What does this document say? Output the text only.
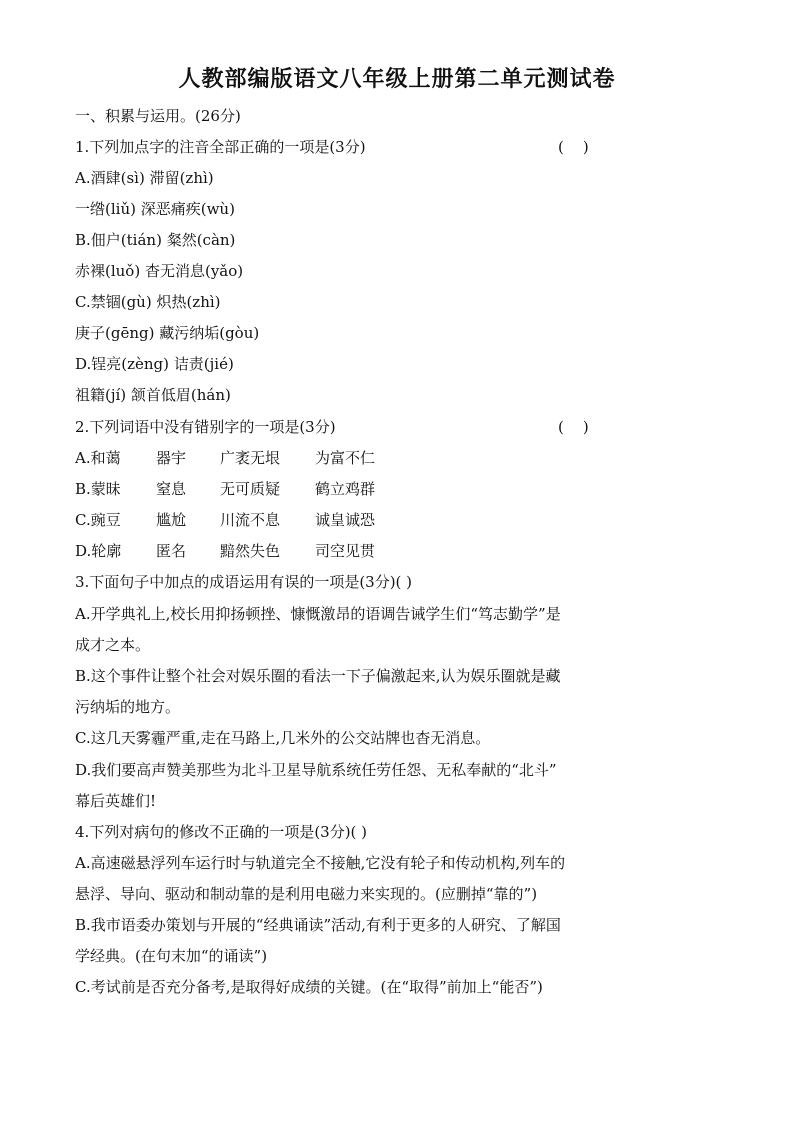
人教部编版语文八年级上册第二单元测试卷
一、积累与运用。(26分)
1.下列加点字的注音全部正确的一项是(3分)	(    )
A.酒肆(sì) 滞留(zhì)
一绺(liǔ) 深恶痛疾(wù)
B.佃户(tián) 粲然(càn)
赤裸(luǒ) 杳无消息(yǎo)
C.禁锢(gù) 炽热(zhì)
庚子(gēng) 藏污纳垢(gòu)
D.锃亮(zèng) 诘责(jié)
祖籍(jí) 颔首低眉(hán)
2.下列词语中没有错别字的一项是(3分)	(    )
A.和蔼 器宇 广袤无垠 为富不仁
B.蒙昧 窒息 无可质疑 鹤立鸡群
C.豌豆 尴尬 川流不息 诚皇诚恐
D.轮廓 匿名 黯然失色 司空见贯
3.下面句子中加点的成语运用有误的一项是(3分)( )
A.开学典礼上,校长用抑扬顿挫、慷慨激昂的语调告诫学生们“笃志勤学”是
成才之本。
B.这个事件让整个社会对娱乐圈的看法一下子偏激起来,认为娱乐圈就是藏
污纳垢的地方。
C.这几天雾霾严重,走在马路上,几米外的公交站牌也杳无消息。
D.我们要高声赞美那些为北斗卫星导航系统任劳任怨、无私奉献的“北斗”
幕后英雄们!
4.下列对病句的修改不正确的一项是(3分)( )
A.高速磁悬浮列车运行时与轨道完全不接触,它没有轮子和传动机构,列车的
悬浮、导向、驱动和制动靠的是利用电磁力来实现的。(应删掉“靠的”)
B.我市语委办策划与开展的“经典诵读”活动,有利于更多的人研究、了解国
学经典。(在句末加“的诵读”)
C.考试前是否充分备考,是取得好成绩的关键。(在“取得”前加上“能否”)
